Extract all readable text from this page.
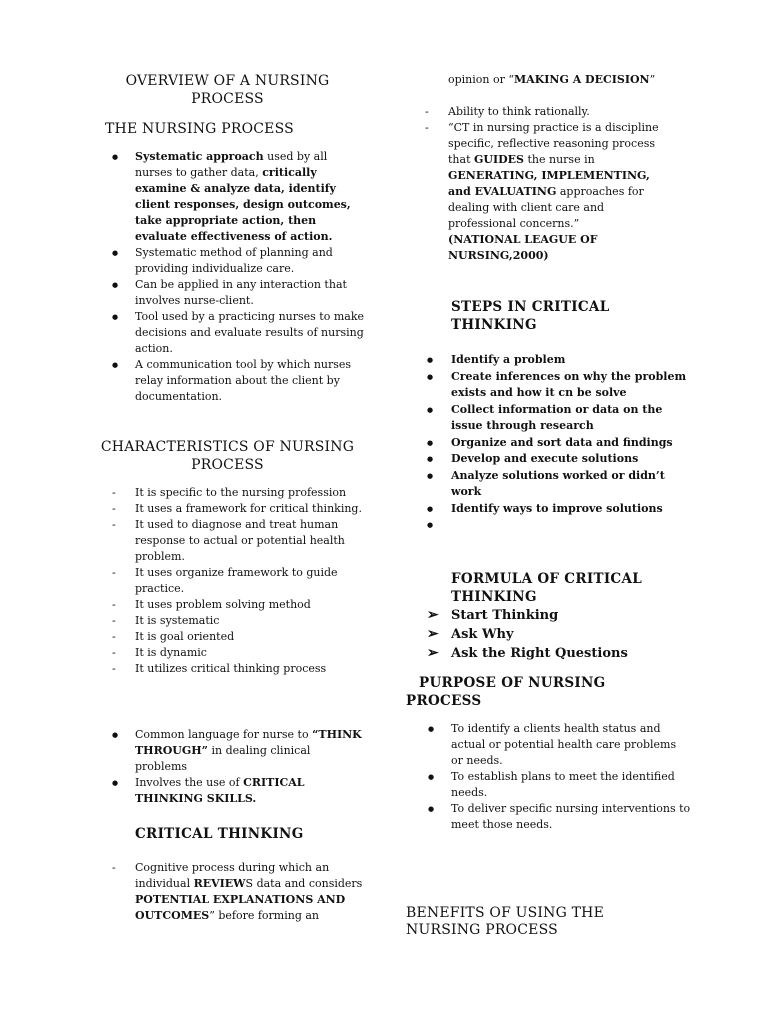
OVERVIEW OF A NURSING

PROCESS

THE NURSING PROCESS

● Systematic approach used by all nurses to gather data, critically examine & analyze data, identify client responses, design outcomes, take appropriate action, then evaluate effectiveness of action.
● Systematic method of planning and providing individualize care.
● Can be applied in any interaction that involves nurse-client.
● Tool used by a practicing nurses to make decisions and evaluate results of nursing action.
● A communication tool by which nurses relay information about the client by documentation.

CHARACTERISTICS OF NURSING

PROCESS

- It is specific to the nursing profession
- It uses a framework for critical thinking.
- It used to diagnose and treat human response to actual or potential health problem.
- It uses organize framework to guide practice.
- It uses problem solving method
- It is systematic
- It is goal oriented
- It is dynamic
- It utilizes critical thinking process
● Common language for nurse to “THINK THROUGH” in dealing clinical problems
● Involves the use of CRITICAL THINKING SKILLS.

CRITICAL THINKING

- Cognitive process during which an individual REVIEWS data and considers POTENTIAL EXPLANATIONS AND OUTCOMES” before forming an
opinion or “MAKING A DECISION”
- Ability to think rationally.
- “CT in nursing practice is a discipline specific, reflective reasoning process that GUIDES the nurse in GENERATING, IMPLEMENTING, and EVALUATING approaches for dealing with client care and professional concerns.”
(NATIONAL LEAGUE OF NURSING,2000)

STEPS IN CRITICAL

THINKING

● Identify a problem
● Create inferences on why the problem exists and how it cn be solve
● Collect information or data on the issue through research
● Organize and sort data and findings
● Develop and execute solutions
● Analyze solutions worked or didn’t work
● Identify ways to improve solutions
●

FORMULA OF CRITICAL

THINKING

➢ Start Thinking
➢ Ask Why
➢ Ask the Right Questions

PURPOSE OF NURSING

PROCESS

● To identify a clients health status and actual or potential health care problems or needs.
● To establish plans to meet the identified needs.
● To deliver specific nursing interventions to meet those needs.

BENEFITS OF USING THE

NURSING PROCESS
